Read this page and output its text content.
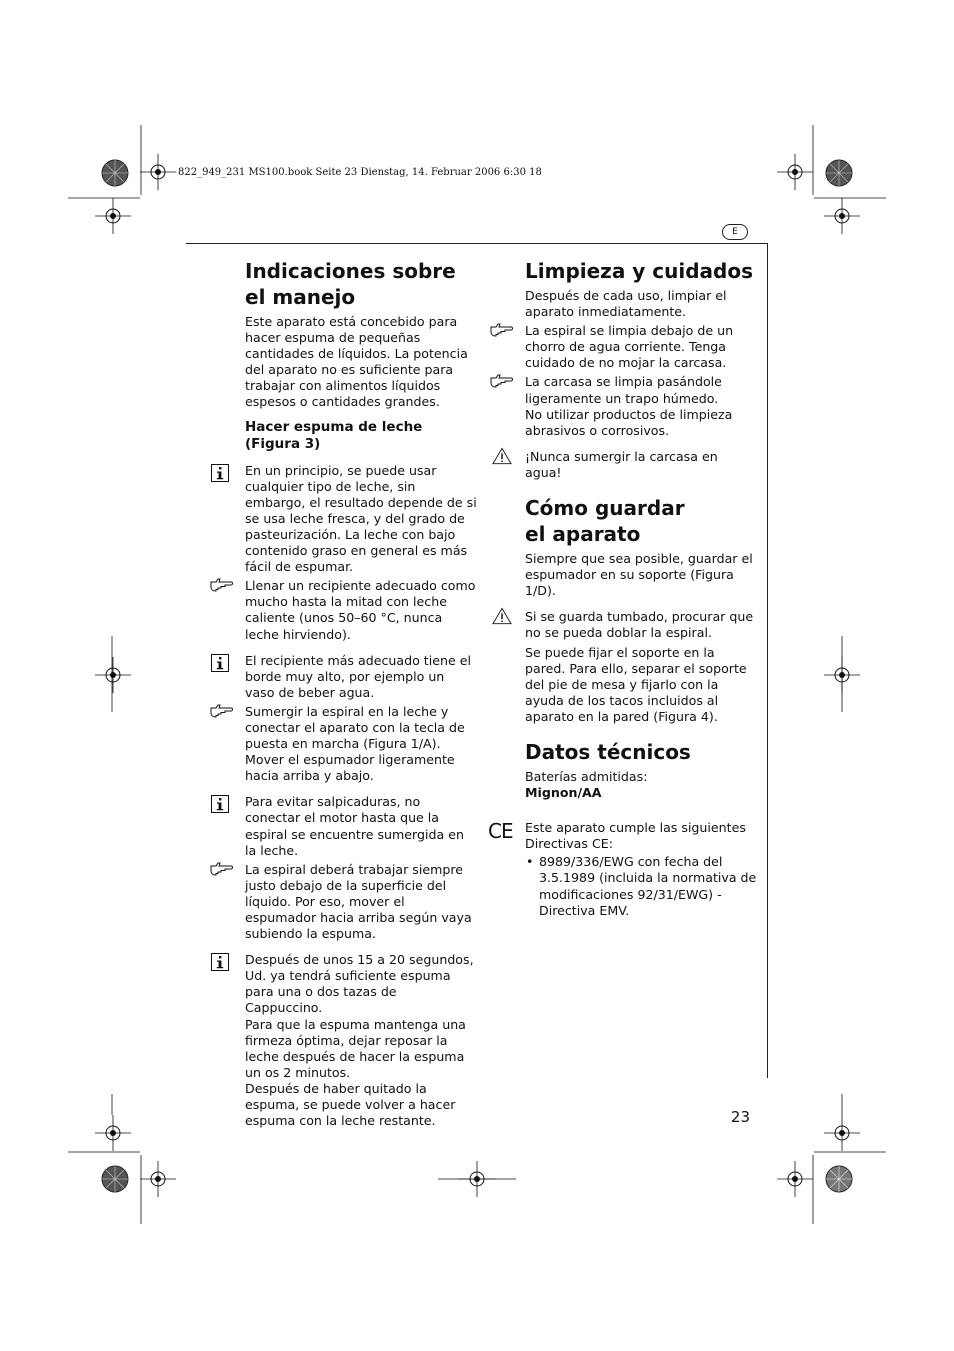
822_949_231 MS100.book Seite 23 Dienstag, 14. Februar 2006 6:30 18
E
23
Indicaciones sobre
el manejo

Este aparato está concebido para hacer espuma de pequeñas cantidades de líquidos. La potencia del aparato no es suficiente para trabajar con alimentos líquidos espesos o cantidades grandes.

Hacer espuma de leche
(Figura 3)

En un principio, se puede usar cualquier tipo de leche, sin embargo, el resultado depende de si se usa leche fresca, y del grado de pasteurización. La leche con bajo contenido graso en general es más fácil de espumar.

Llenar un recipiente adecuado como mucho hasta la mitad con leche caliente (unos 50–60 °C, nunca leche hirviendo).

El recipiente más adecuado tiene el borde muy alto, por ejemplo un vaso de beber agua.

Sumergir la espiral en la leche y conectar el aparato con la tecla de puesta en marcha (Figura 1/A). Mover el espumador ligeramente hacia arriba y abajo.

Para evitar salpicaduras, no conectar el motor hasta que la espiral se encuentre sumergida en la leche.

La espiral deberá trabajar siempre justo debajo de la superficie del líquido. Por eso, mover el espumador hacia arriba según vaya subiendo la espuma.

Después de unos 15 a 20 segundos, Ud. ya tendrá suficiente espuma para una o dos tazas de Cappuccino.

Para que la espuma mantenga una firmeza óptima, dejar reposar la leche después de hacer la espuma un os 2 minutos.

Después de haber quitado la espuma, se puede volver a hacer espuma con la leche restante.

Limpieza y cuidados

Después de cada uso, limpiar el aparato inmediatamente.

La espiral se limpia debajo de un chorro de agua corriente. Tenga cuidado de no mojar la carcasa.

La carcasa se limpia pasándole ligeramente un trapo húmedo.

No utilizar productos de limpieza abrasivos o corrosivos.

¡Nunca sumergir la carcasa en agua!

Cómo guardar
el aparato

Siempre que sea posible, guardar el espumador en su soporte (Figura 1/D).

Si se guarda tumbado, procurar que no se pueda doblar la espiral.

Se puede fijar el soporte en la pared. Para ello, separar el soporte del pie de mesa y fijarlo con la ayuda de los tacos incluidos al aparato en la pared (Figura 4).

Datos técnicos

Baterías admitidas:

Mignon/AA

CE Este aparato cumple las siguientes Directivas CE:

• 8989/336/EWG con fecha del 3.5.1989 (incluida la normativa de modificaciones 92/31/EWG) - Directiva EMV.
